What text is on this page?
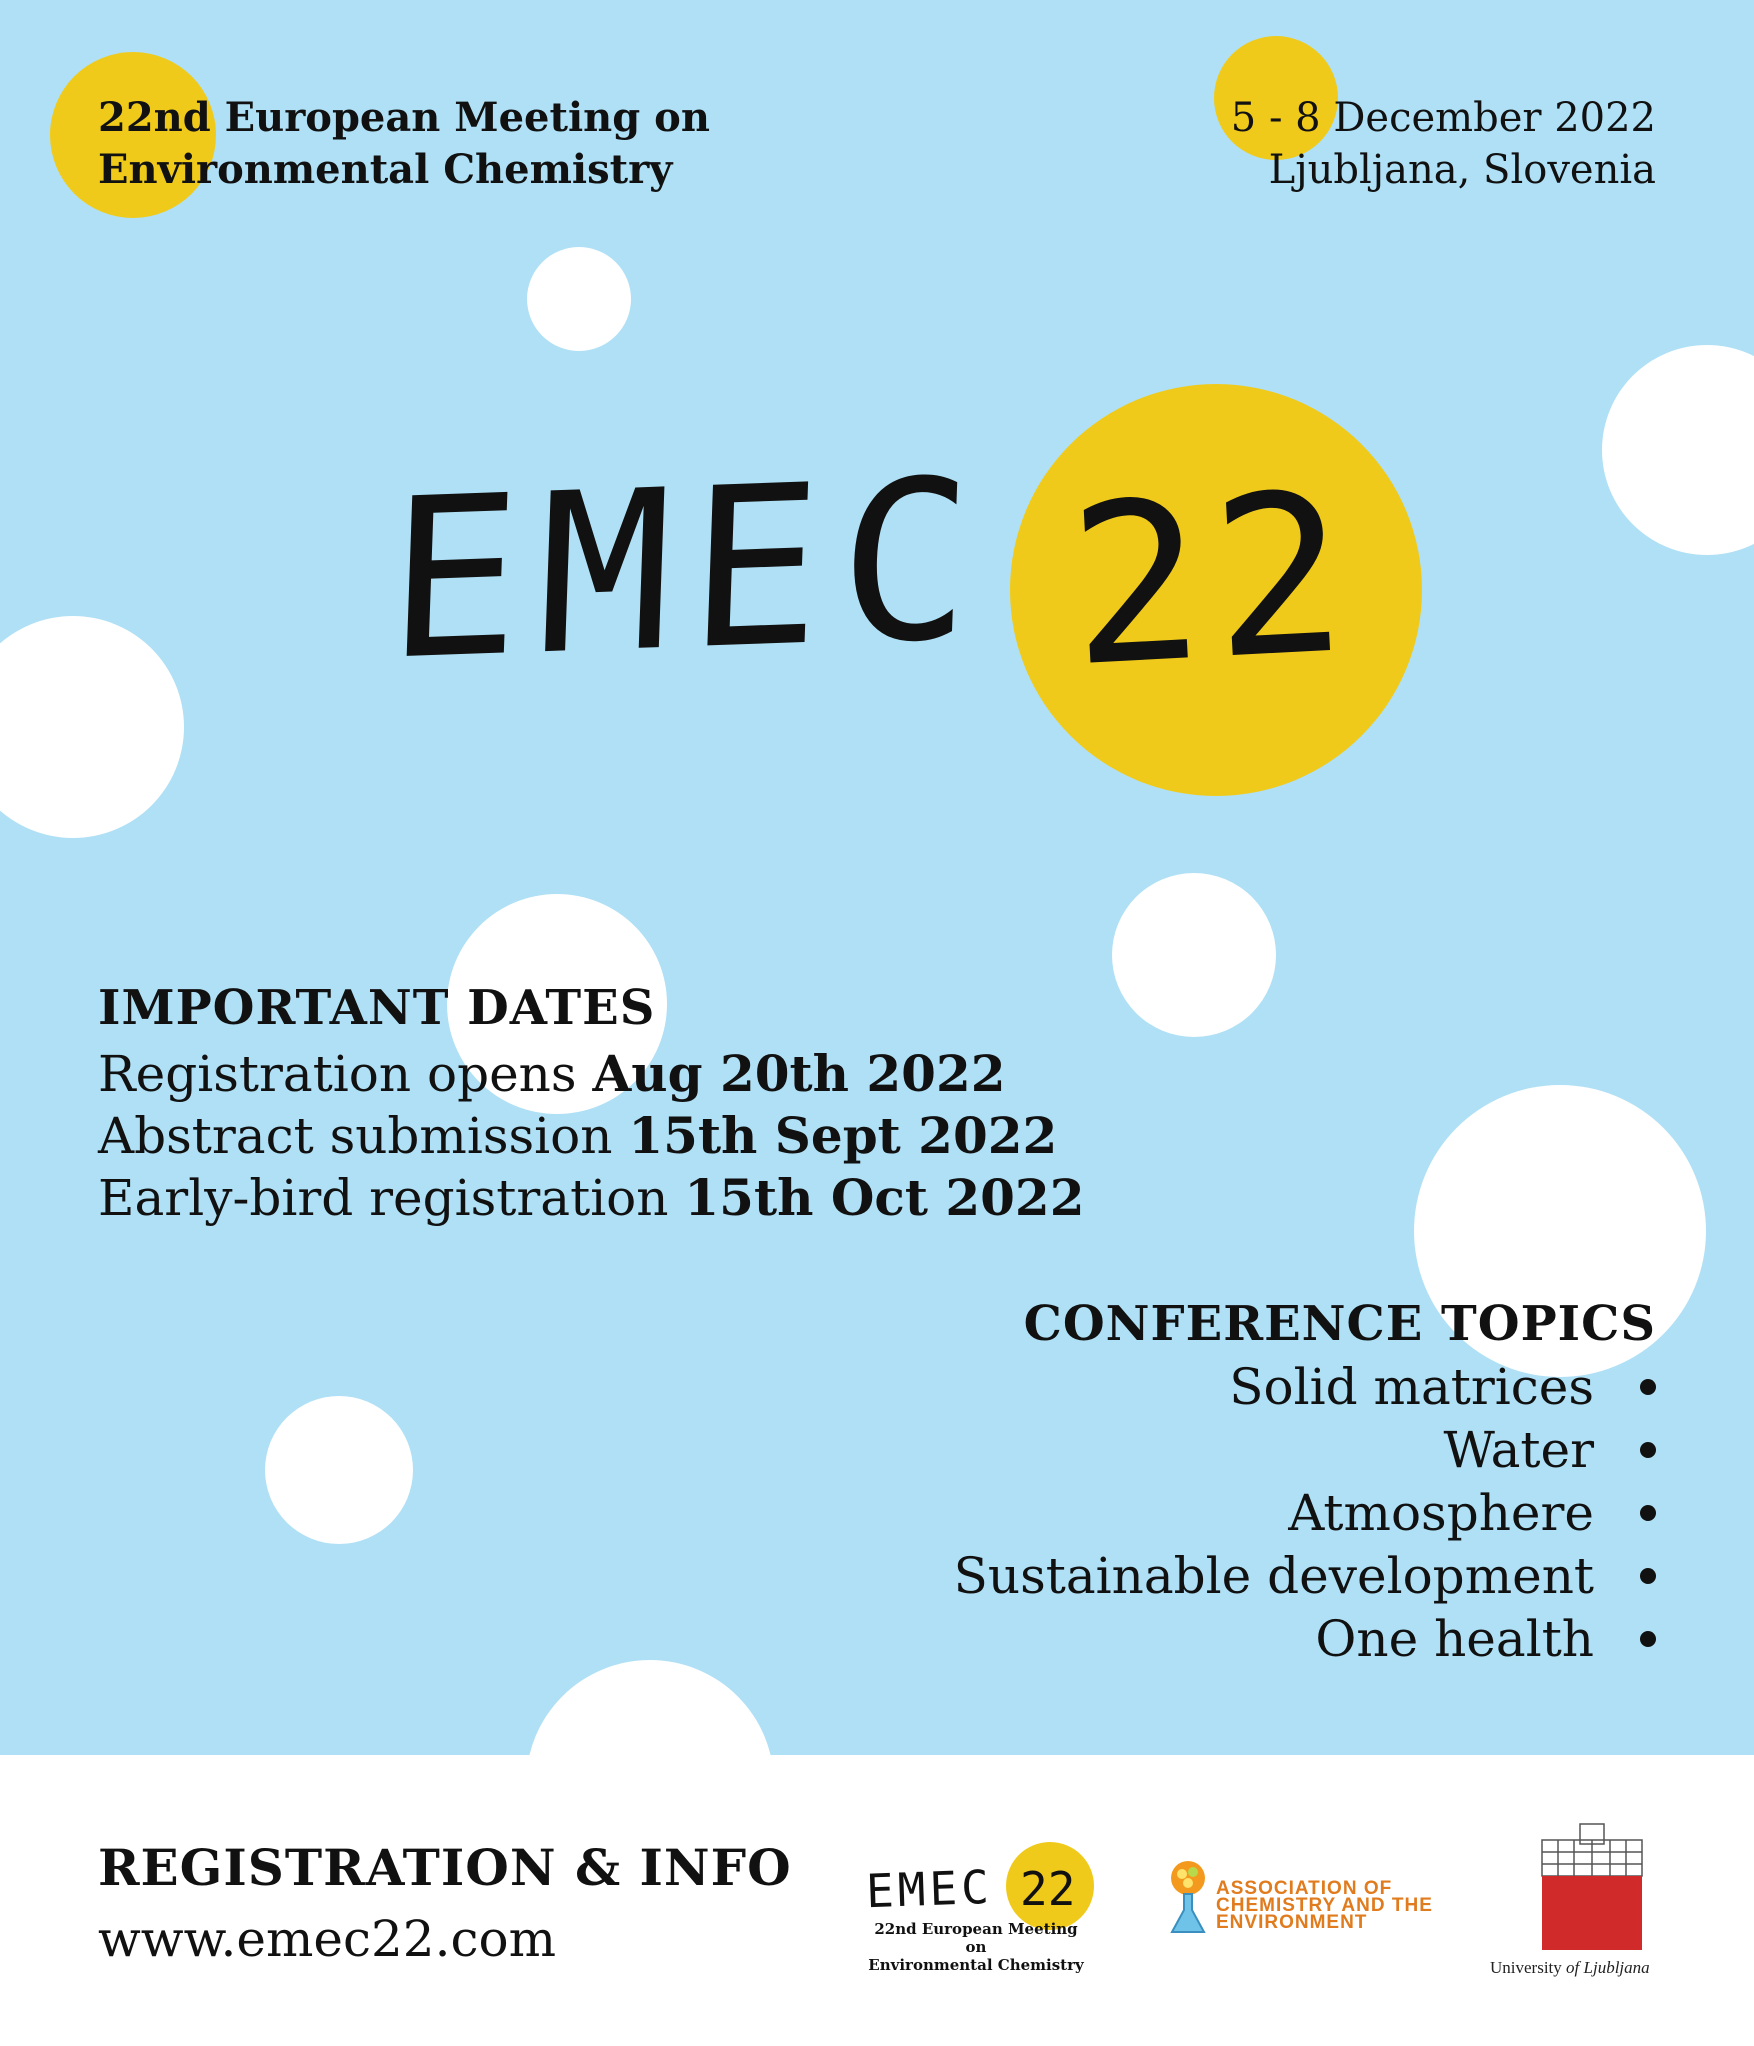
22nd European Meeting on
Environmental Chemistry
5 - 8 December 2022
Ljubljana, Slovenia
EMEC 22
IMPORTANT DATES
Registration opens Aug 20th 2022
Abstract submission 15th Sept 2022
Early-bird registration 15th Oct 2022
CONFERENCE TOPICS
Solid matrices
Water
Atmosphere
Sustainable development
One health
REGISTRATION & INFO
www.emec22.com
EMEC 22
22nd European Meeting on
Environmental Chemistry
ASSOCIATION OF
CHEMISTRY AND THE
ENVIRONMENT
University of Ljubljana
